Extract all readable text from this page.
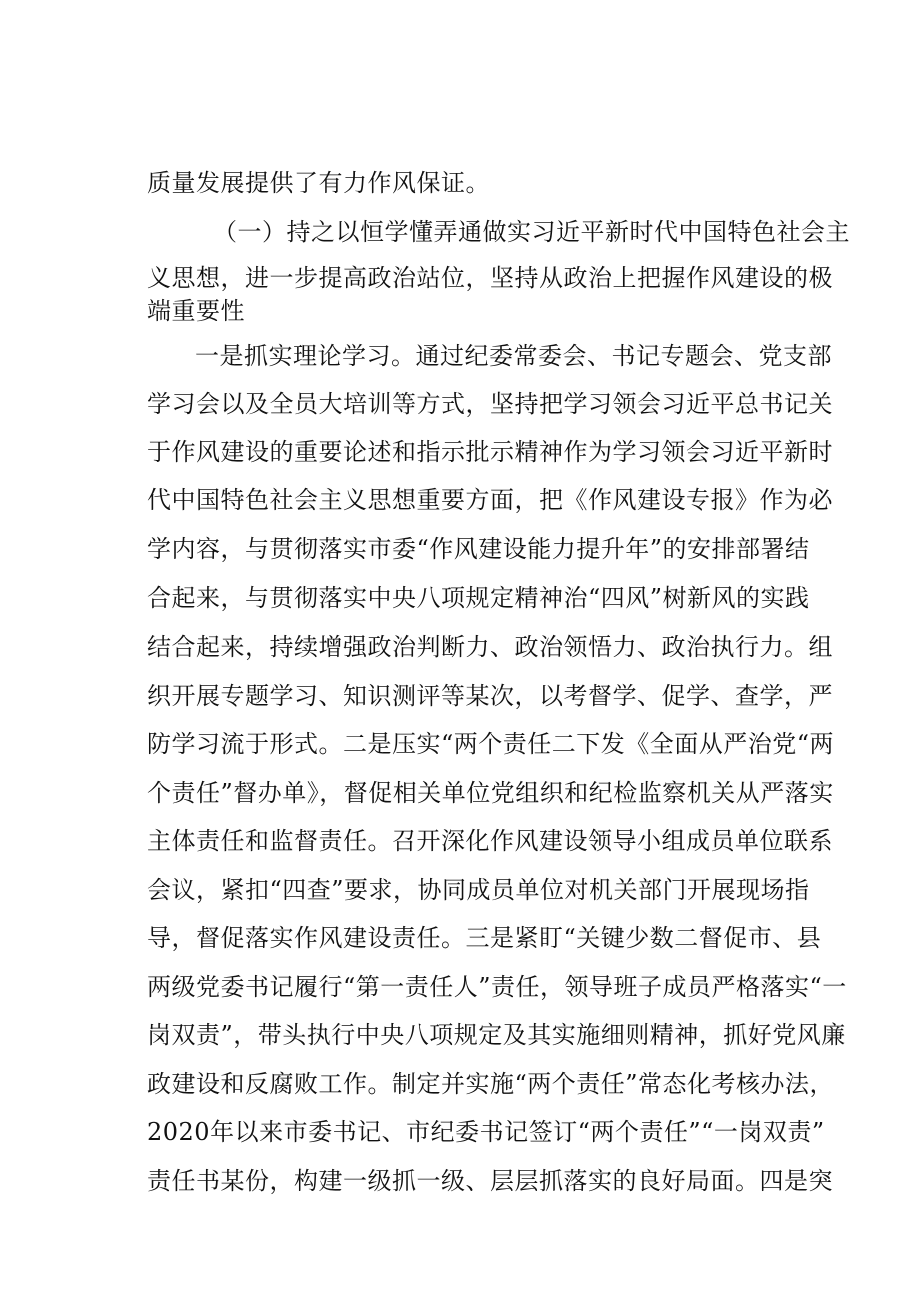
质量发展提供了有力作风保证。

（一）持之以恒学懂弄通做实习近平新时代中国特色社会主

义思想，进一步提高政治站位，坚持从政治上把握作风建设的极

端重要性

一是抓实理论学习。通过纪委常委会、书记专题会、党支部

学习会以及全员大培训等方式，坚持把学习领会习近平总书记关

于作风建设的重要论述和指示批示精神作为学习领会习近平新时

代中国特色社会主义思想重要方面，把《作风建设专报》作为必

学内容，与贯彻落实市委“作风建设能力提升年”的安排部署结

合起来，与贯彻落实中央八项规定精神治“四风”树新风的实践

结合起来，持续增强政治判断力、政治领悟力、政治执行力。组

织开展专题学习、知识测评等某次，以考督学、促学、查学，严

防学习流于形式。二是压实“两个责任二下发《全面从严治党“两

个责任”督办单》，督促相关单位党组织和纪检监察机关从严落实

主体责任和监督责任。召开深化作风建设领导小组成员单位联系

会议，紧扣“四查”要求，协同成员单位对机关部门开展现场指

导，督促落实作风建设责任。三是紧盯“关键少数二督促市、县

两级党委书记履行“第一责任人”责任，领导班子成员严格落实“一

岗双责”，带头执行中央八项规定及其实施细则精神，抓好党风廉

政建设和反腐败工作。制定并实施“两个责任”常态化考核办法，

2020年以来市委书记、市纪委书记签订“两个责任”“一岗双责”

责任书某份，构建一级抓一级、层层抓落实的良好局面。四是突
